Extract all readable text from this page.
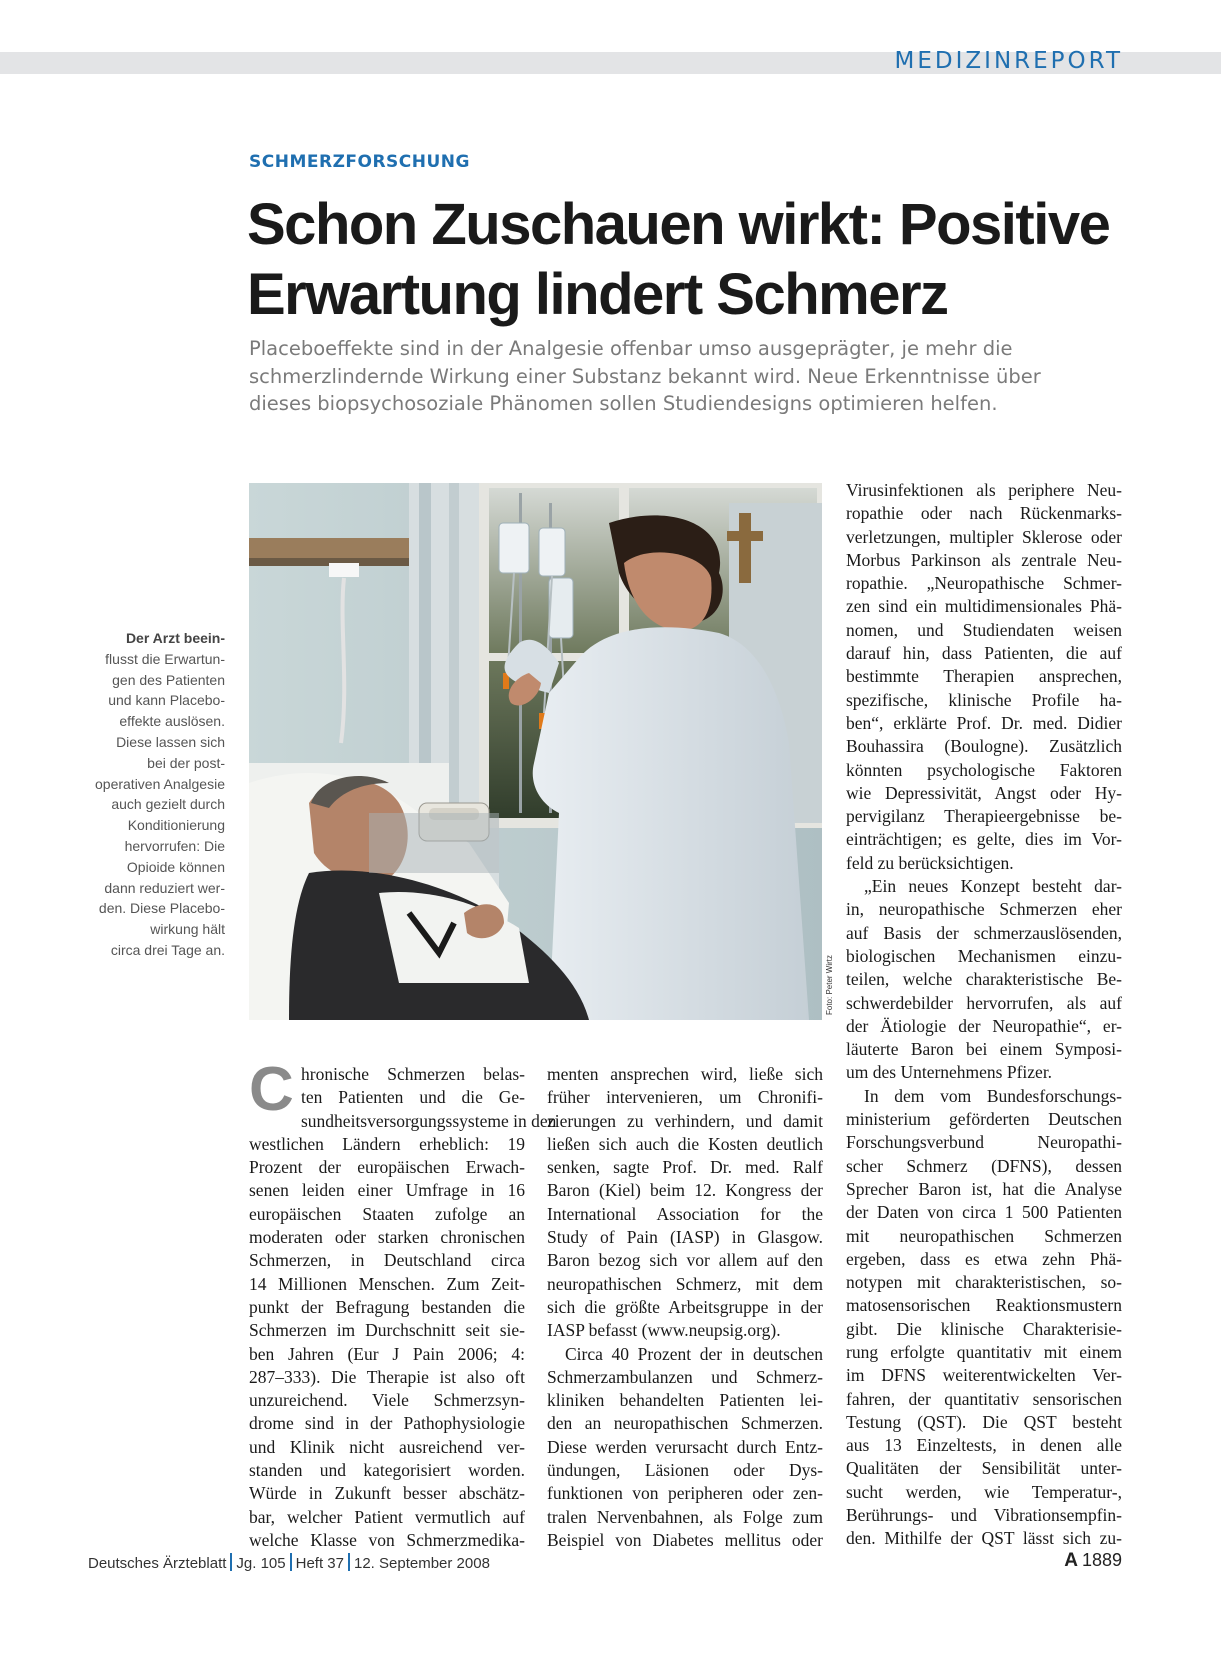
MEDIZINREPORT
SCHMERZFORSCHUNG
Schon Zuschauen wirkt: Positive
Erwartung lindert Schmerz

Placeboeffekte sind in der Analgesie offenbar umso ausgeprägter, je mehr die
schmerzlindernde Wirkung einer Substanz bekannt wird. Neue Erkenntnisse über
dieses biopsychosoziale Phänomen sollen Studiendesigns optimieren helfen.

Der Arzt beein-

flusst die Erwartun-
gen des Patienten
und kann Placebo-
effekte auslösen.
Diese lassen sich
bei der post-
operativen Analgesie
auch gezielt durch
Konditionierung
hervorrufen: Die
Opioide können
dann reduziert wer-
den. Diese Placebo-
wirkung hält
circa drei Tage an.
Foto: Peter Wirtz
C hronische Schmerzen belas-
ten Patienten und die Ge-
sundheitsversorgungssysteme in den
westlichen Ländern erheblich: 19
Prozent der europäischen Erwach-
senen leiden einer Umfrage in 16
europäischen Staaten zufolge an
moderaten oder starken chronischen
Schmerzen, in Deutschland circa
14 Millionen Menschen. Zum Zeit-
punkt der Befragung bestanden die
Schmerzen im Durchschnitt seit sie-
ben Jahren (Eur J Pain 2006; 4:
287–333). Die Therapie ist also oft
unzureichend. Viele Schmerzsyn-
drome sind in der Pathophysiologie
und Klinik nicht ausreichend ver-
standen und kategorisiert worden.
Würde in Zukunft besser abschätz-
bar, welcher Patient vermutlich auf
welche Klasse von Schmerzmedika-
menten ansprechen wird, ließe sich
früher intervenieren, um Chronifi-
zierungen zu verhindern, und damit
ließen sich auch die Kosten deutlich
senken, sagte Prof. Dr. med. Ralf
Baron (Kiel) beim 12. Kongress der
International Association for the
Study of Pain (IASP) in Glasgow.
Baron bezog sich vor allem auf den
neuropathischen Schmerz, mit dem
sich die größte Arbeitsgruppe in der
IASP befasst (www.neupsig.org).
Circa 40 Prozent der in deutschen
Schmerzambulanzen und Schmerz-
kliniken behandelten Patienten lei-
den an neuropathischen Schmerzen.
Diese werden verursacht durch Entz-
ündungen, Läsionen oder Dys-
funktionen von peripheren oder zen-
tralen Nervenbahnen, als Folge zum
Beispiel von Diabetes mellitus oder
Virusinfektionen als periphere Neu-
ropathie oder nach Rückenmarks-
verletzungen, multipler Sklerose oder
Morbus Parkinson als zentrale Neu-
ropathie. „Neuropathische Schmer-
zen sind ein multidimensionales Phä-
nomen, und Studiendaten weisen
darauf hin, dass Patienten, die auf
bestimmte Therapien ansprechen,
spezifische, klinische Profile ha-
ben“, erklärte Prof. Dr. med. Didier
Bouhassira (Boulogne). Zusätzlich
könnten psychologische Faktoren
wie Depressivität, Angst oder Hy-
pervigilanz Therapieergebnisse be-
einträchtigen; es gelte, dies im Vor-
feld zu berücksichtigen.
„Ein neues Konzept besteht dar-
in, neuropathische Schmerzen eher
auf Basis der schmerzauslösenden,
biologischen Mechanismen einzu-
teilen, welche charakteristische Be-
schwerdebilder hervorrufen, als auf
der Ätiologie der Neuropathie“, er-
läuterte Baron bei einem Symposi-
um des Unternehmens Pfizer.
In dem vom Bundesforschungs-
ministerium geförderten Deutschen
Forschungsverbund Neuropathi-
scher Schmerz (DFNS), dessen
Sprecher Baron ist, hat die Analyse
der Daten von circa 1 500 Patienten
mit neuropathischen Schmerzen
ergeben, dass es etwa zehn Phä-
notypen mit charakteristischen, so-
matosensorischen Reaktionsmustern
gibt. Die klinische Charakterisie-
rung erfolgte quantitativ mit einem
im DFNS weiterentwickelten Ver-
fahren, der quantitativ sensorischen
Testung (QST). Die QST besteht
aus 13 Einzeltests, in denen alle
Qualitäten der Sensibilität unter-
sucht werden, wie Temperatur-,
Berührungs- und Vibrationsempfin-
den. Mithilfe der QST lässt sich zu-
Deutsches Ärzteblatt Jg. 105 Heft 37 12. September 2008	A 1889
